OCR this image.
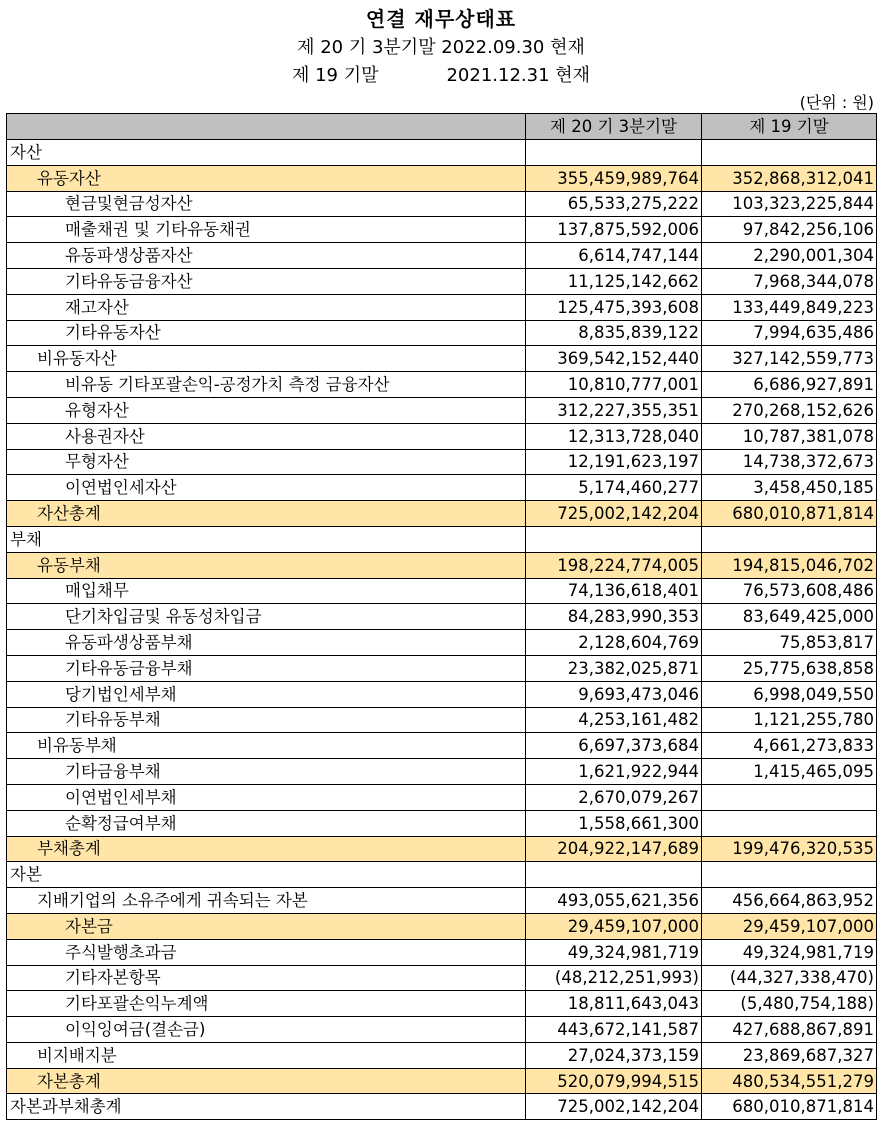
연결 재무상태표
제 20 기 3분기말 2022.09.30 현재
제 19 기말	2021.12.31 현재
(단위 : 원)
	제 20 기 3분기말	제 19 기말
자산		
유동자산	355,459,989,764	352,868,312,041
현금및현금성자산	65,533,275,222	103,323,225,844
매출채권 및 기타유동채권	137,875,592,006	97,842,256,106
유동파생상품자산	6,614,747,144	2,290,001,304
기타유동금융자산	11,125,142,662	7,968,344,078
재고자산	125,475,393,608	133,449,849,223
기타유동자산	8,835,839,122	7,994,635,486
비유동자산	369,542,152,440	327,142,559,773
비유동 기타포괄손익-공정가치 측정 금융자산	10,810,777,001	6,686,927,891
유형자산	312,227,355,351	270,268,152,626
사용권자산	12,313,728,040	10,787,381,078
무형자산	12,191,623,197	14,738,372,673
이연법인세자산	5,174,460,277	3,458,450,185
자산총계	725,002,142,204	680,010,871,814
부채		
유동부채	198,224,774,005	194,815,046,702
매입채무	74,136,618,401	76,573,608,486
단기차입금및 유동성차입금	84,283,990,353	83,649,425,000
유동파생상품부채	2,128,604,769	75,853,817
기타유동금융부채	23,382,025,871	25,775,638,858
당기법인세부채	9,693,473,046	6,998,049,550
기타유동부채	4,253,161,482	1,121,255,780
비유동부채	6,697,373,684	4,661,273,833
기타금융부채	1,621,922,944	1,415,465,095
이연법인세부채	2,670,079,267	
순확정급여부채	1,558,661,300	
부채총계	204,922,147,689	199,476,320,535
자본		
지배기업의 소유주에게 귀속되는 자본	493,055,621,356	456,664,863,952
자본금	29,459,107,000	29,459,107,000
주식발행초과금	49,324,981,719	49,324,981,719
기타자본항목	(48,212,251,993)	(44,327,338,470)
기타포괄손익누계액	18,811,643,043	(5,480,754,188)
이익잉여금(결손금)	443,672,141,587	427,688,867,891
비지배지분	27,024,373,159	23,869,687,327
자본총계	520,079,994,515	480,534,551,279
자본과부채총계	725,002,142,204	680,010,871,814
